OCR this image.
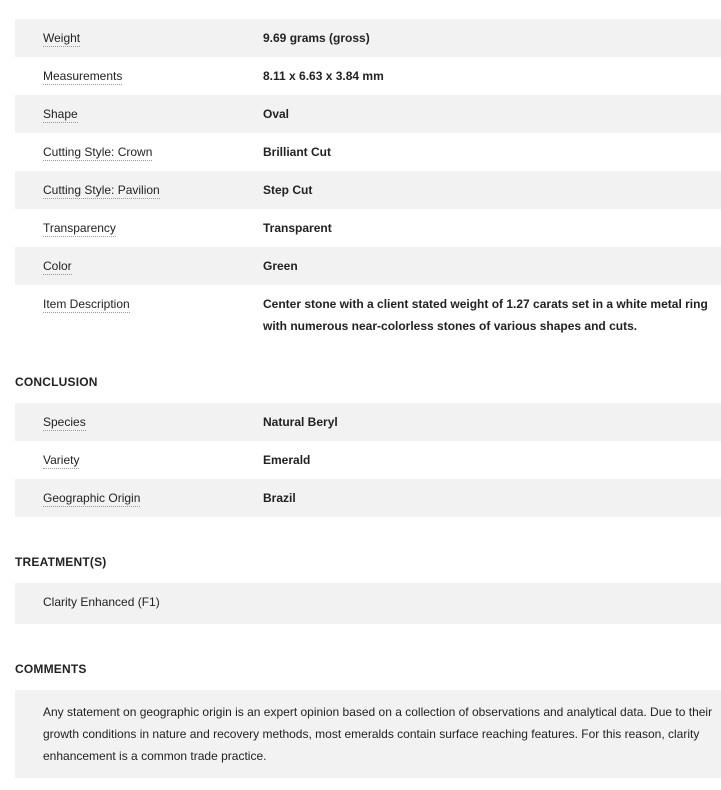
Weight	9.69 grams (gross)
Measurements	8.11 x 6.63 x 3.84 mm
Shape	Oval
Cutting Style: Crown	Brilliant Cut
Cutting Style: Pavilion	Step Cut
Transparency	Transparent
Color	Green
Item Description	Center stone with a client stated weight of 1.27 carats set in a white metal ring with numerous near-colorless stones of various shapes and cuts.
CONCLUSION
Species	Natural Beryl
Variety	Emerald
Geographic Origin	Brazil
TREATMENT(S)
Clarity Enhanced (F1)
COMMENTS
Any statement on geographic origin is an expert opinion based on a collection of observations and analytical data. Due to their growth conditions in nature and recovery methods, most emeralds contain surface reaching features. For this reason, clarity enhancement is a common trade practice.
